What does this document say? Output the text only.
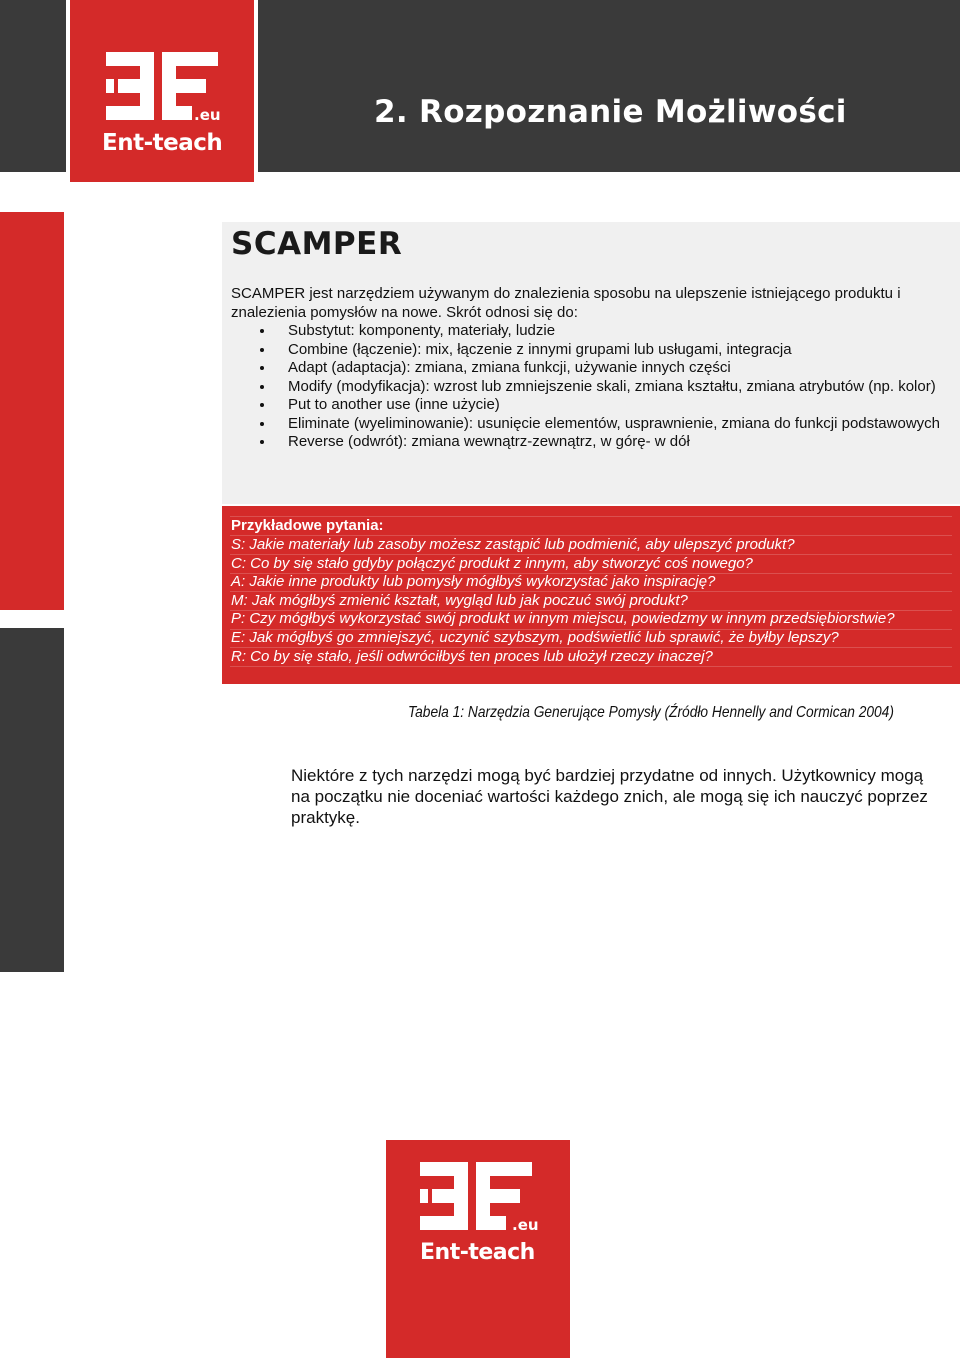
.eu
Ent-teach
2. Rozpoznanie Możliwości
SCAMPER

SCAMPER jest narzędziem używanym do znalezienia sposobu na ulepszenie istniejącego produktu i znalezienia pomysłów na nowe. Skrót odnosi się do:

Substytut: komponenty, materiały, ludzie
Combine (łączenie): mix, łączenie z innymi grupami lub usługami, integracja
Adapt (adaptacja): zmiana, zmiana funkcji, używanie innych części
Modify (modyfikacja): wzrost lub zmniejszenie skali, zmiana kształtu, zmiana atrybutów (np. kolor)
Put to another use (inne użycie)
Eliminate (wyeliminowanie): usunięcie elementów, usprawnienie, zmiana do funkcji podstawowych
Reverse (odwrót): zmiana wewnątrz-zewnątrz, w górę- w dół
Przykładowe pytania:
S: Jakie materiały lub zasoby możesz zastąpić lub podmienić, aby ulepszyć produkt?
C: Co by się stało gdyby połączyć produkt z innym, aby stworzyć coś nowego?
A: Jakie inne produkty lub pomysły mógłbyś wykorzystać jako inspirację?
M: Jak mógłbyś zmienić kształt, wygląd lub jak poczuć swój produkt?
P: Czy mógłbyś wykorzystać swój produkt w innym miejscu, powiedzmy w innym przedsiębiorstwie?
E: Jak mógłbyś go zmniejszyć, uczynić szybszym, podświetlić lub sprawić, że byłby lepszy?
R: Co by się stało, jeśli odwróciłbyś ten proces lub ułożył rzeczy inaczej?

Tabela 1: Narzędzia Generujące Pomysły (Źródło Hennelly and Cormican 2004)

Niektóre z tych narzędzi mogą być bardziej przydatne od innych. Użytkownicy mogą na początku nie doceniać wartości każdego znich, ale mogą się ich nauczyć poprzez praktykę.

.eu
Ent-teach
